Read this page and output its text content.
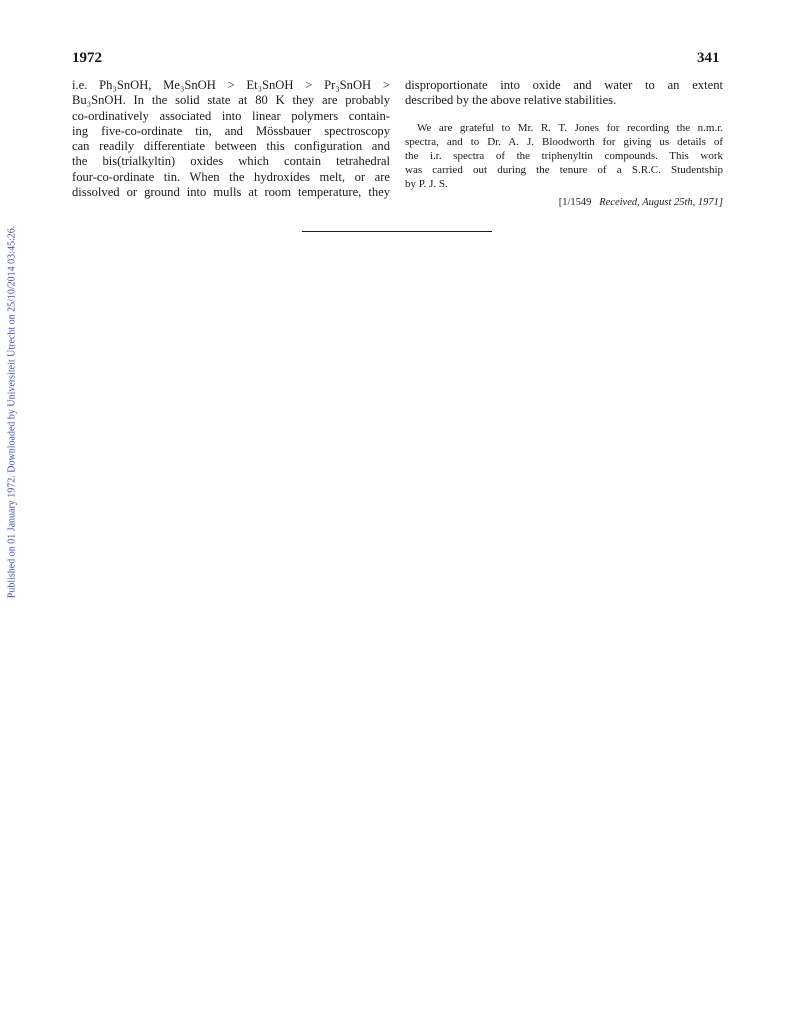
Published on 01 January 1972. Downloaded by Universiteit Utrecht on 25/10/2014 03:45:26.
1972	341

i.e. Ph₃SnOH, Me₃SnOH > Et₃SnOH > Pr₃SnOH >
Bu₃SnOH. In the solid state at 80 K they are probably
co-ordinatively associated into linear polymers contain-
ing five-co-ordinate tin, and Mössbauer spectroscopy
can readily differentiate between this configuration and
the bis(trialkyltin) oxides which contain tetrahedral
four-co-ordinate tin. When the hydroxides melt, or are
dissolved or ground into mulls at room temperature, they

disproportionate into oxide and water to an extent
described by the above relative stabilities.

We are grateful to Mr. R. T. Jones for recording the n.m.r.
spectra, and to Dr. A. J. Bloodworth for giving us details of
the i.r. spectra of the triphenyltin compounds. This work
was carried out during the tenure of a S.R.C. Studentship
by P. J. S.

[1/1549 Received, August 25th, 1971]
